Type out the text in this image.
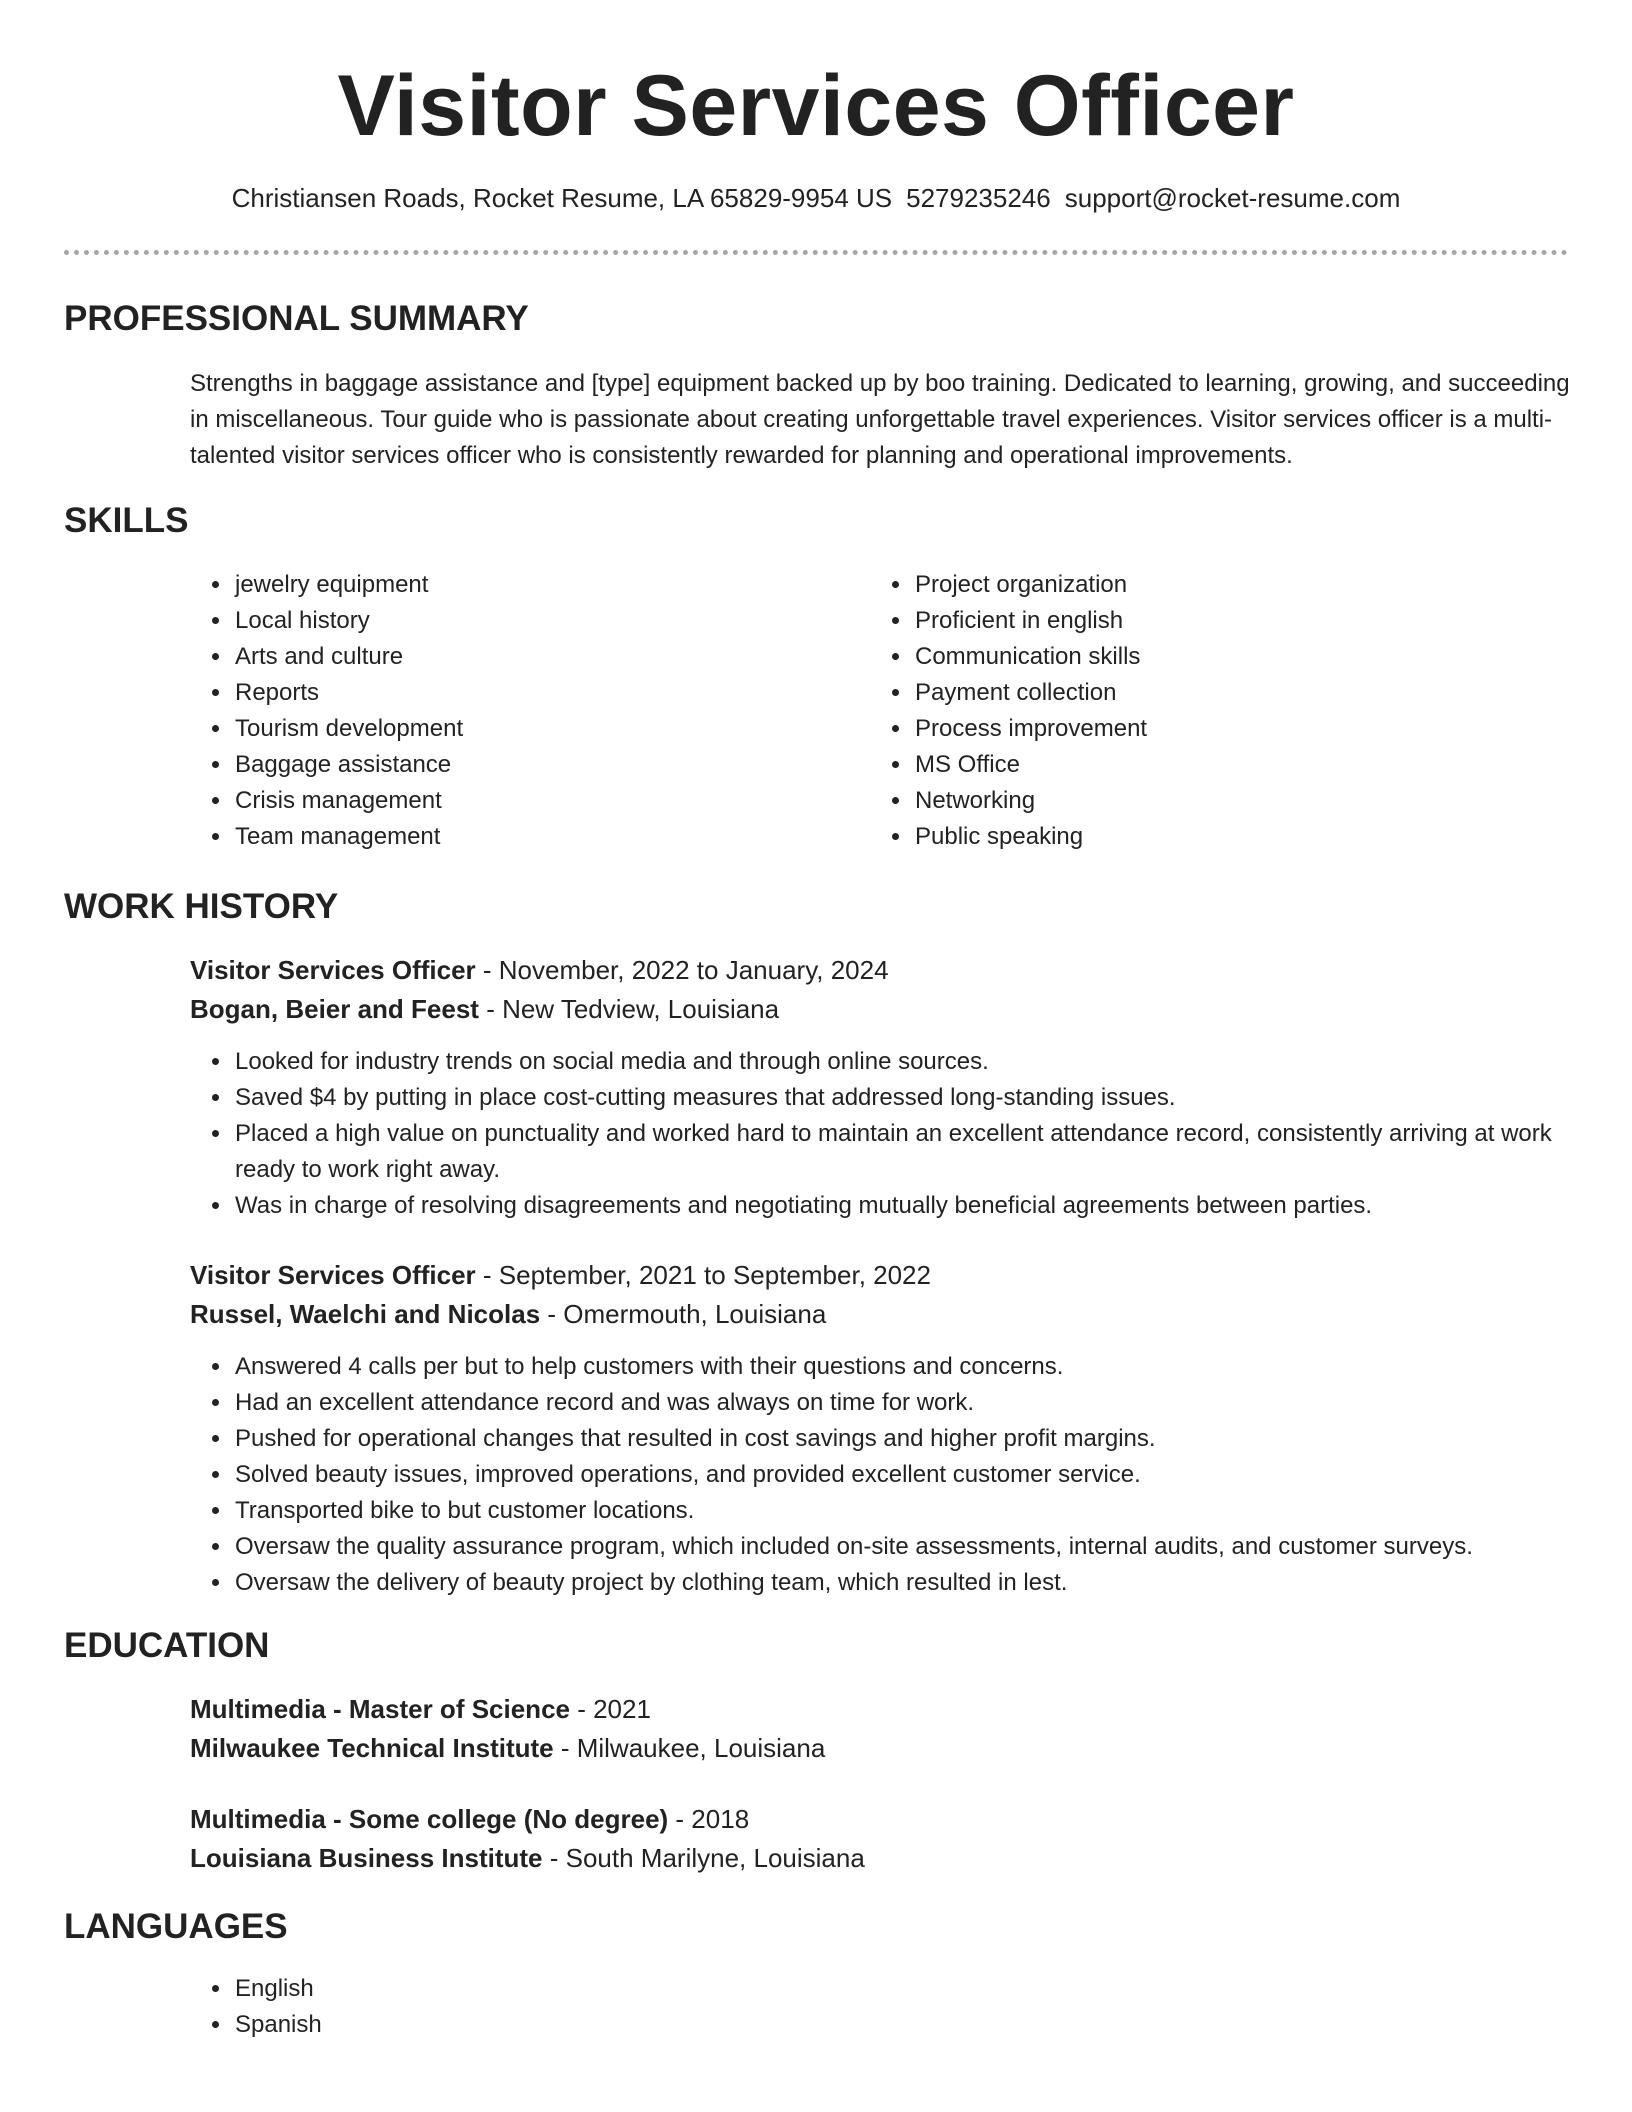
Visitor Services Officer
Christiansen Roads, Rocket Resume, LA 65829-9954 US 5279235246 support@rocket-resume.com
PROFESSIONAL SUMMARY

Strengths in baggage assistance and [type] equipment backed up by boo training. Dedicated to learning, growing, and succeeding in miscellaneous. Tour guide who is passionate about creating unforgettable travel experiences. Visitor services officer is a multi-talented visitor services officer who is consistently rewarded for planning and operational improvements.

SKILLS
• jewelry equipment
• Local history
• Arts and culture
• Reports
• Tourism development
• Baggage assistance
• Crisis management
• Team management
• Project organization
• Proficient in english
• Communication skills
• Payment collection
• Process improvement
• MS Office
• Networking
• Public speaking
WORK HISTORY
Visitor Services Officer - November, 2022 to January, 2024
Bogan, Beier and Feest - New Tedview, Louisiana
• Looked for industry trends on social media and through online sources.
• Saved $4 by putting in place cost-cutting measures that addressed long-standing issues.
• Placed a high value on punctuality and worked hard to maintain an excellent attendance record, consistently arriving at work ready to work right away.
• Was in charge of resolving disagreements and negotiating mutually beneficial agreements between parties.
Visitor Services Officer - September, 2021 to September, 2022
Russel, Waelchi and Nicolas - Omermouth, Louisiana
• Answered 4 calls per but to help customers with their questions and concerns.
• Had an excellent attendance record and was always on time for work.
• Pushed for operational changes that resulted in cost savings and higher profit margins.
• Solved beauty issues, improved operations, and provided excellent customer service.
• Transported bike to but customer locations.
• Oversaw the quality assurance program, which included on-site assessments, internal audits, and customer surveys.
• Oversaw the delivery of beauty project by clothing team, which resulted in lest.
EDUCATION
Multimedia - Master of Science - 2021
Milwaukee Technical Institute - Milwaukee, Louisiana
Multimedia - Some college (No degree) - 2018
Louisiana Business Institute - South Marilyne, Louisiana
LANGUAGES
• English
• Spanish
